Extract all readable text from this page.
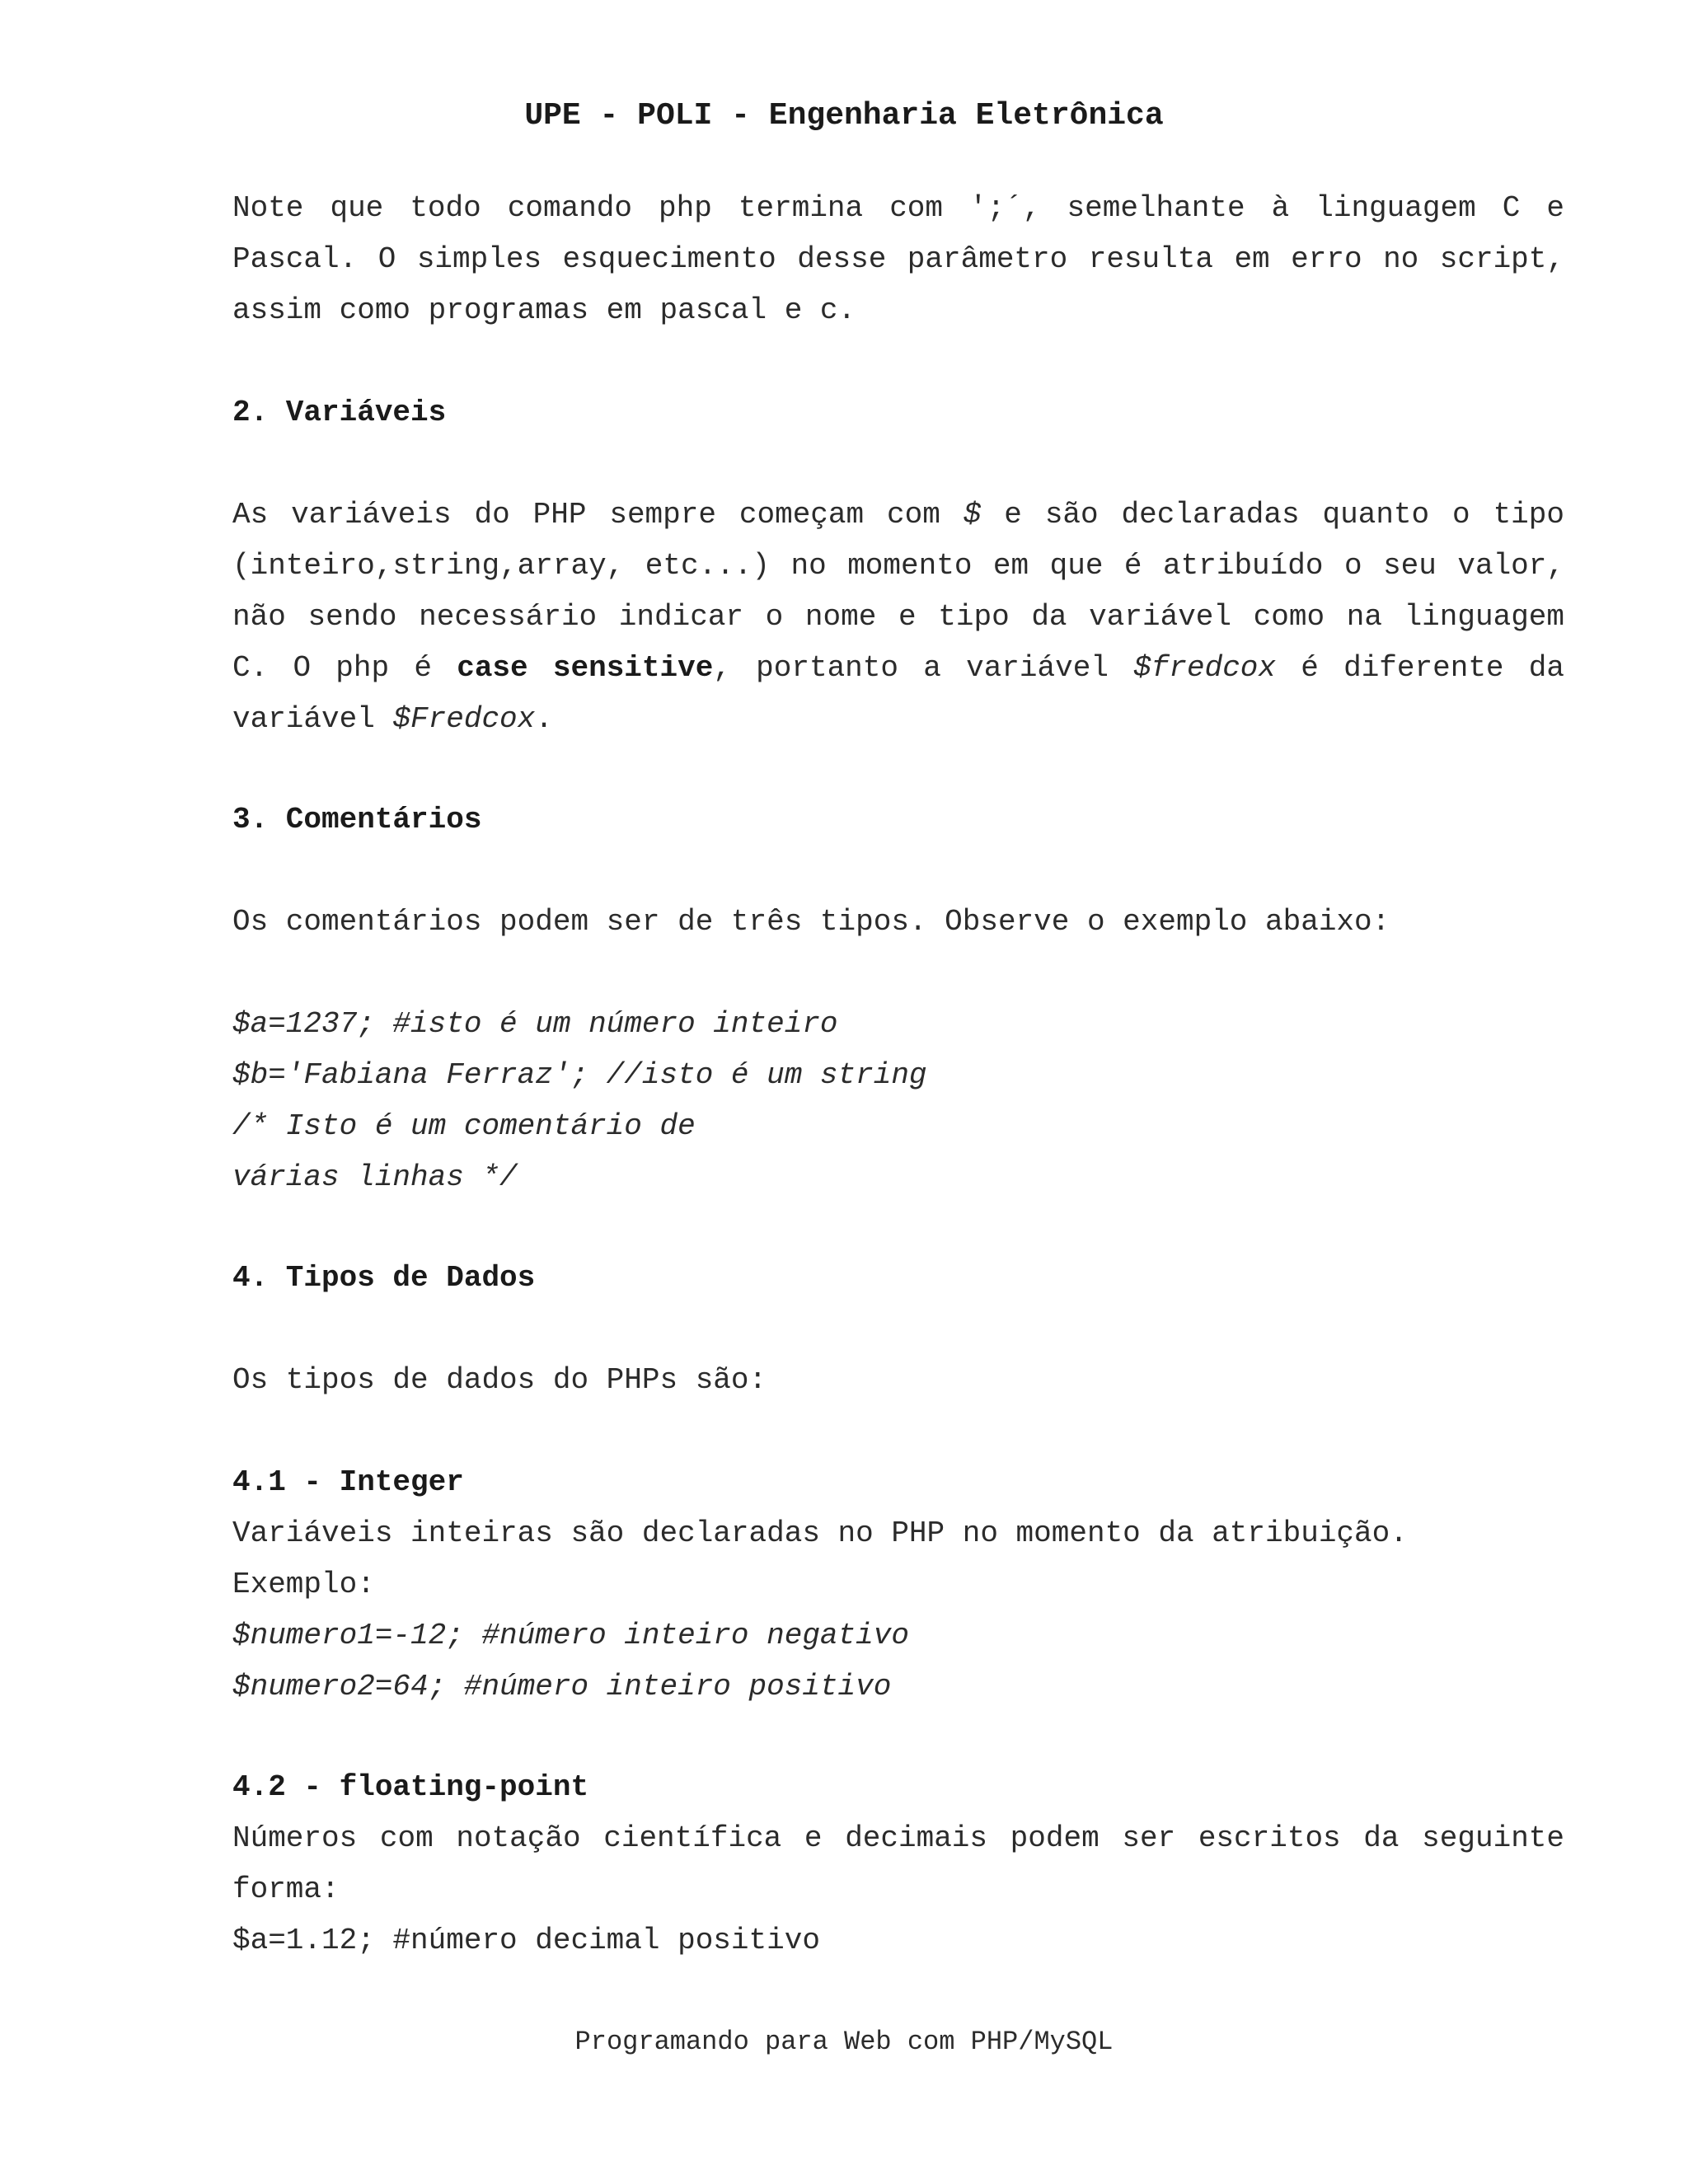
UPE - POLI - Engenharia Eletrônica
Note que todo comando php termina com ';´, semelhante à linguagem C e
Pascal. O simples esquecimento desse parâmetro resulta em erro no script,
assim como programas em pascal e c.

2. Variáveis

As variáveis do PHP sempre começam com $ e são declaradas quanto o tipo
(inteiro,string,array, etc...) no momento em que é atribuído o seu valor,
não sendo necessário indicar o nome e tipo da variável como na linguagem
C. O php é case sensitive, portanto a variável $fredcox é diferente da
variável $Fredcox.

3. Comentários

Os comentários podem ser de três tipos. Observe o exemplo abaixo:

$a=1237; #isto é um número inteiro

$b='Fabiana Ferraz'; //isto é um string

/* Isto é um comentário de

várias linhas */

4. Tipos de Dados

Os tipos de dados do PHPs são:

4.1 - Integer

Variáveis inteiras são declaradas no PHP no momento da atribuição.

Exemplo:

$numero1=-12; #número inteiro negativo

$numero2=64; #número inteiro positivo

4.2 - floating-point

Números com notação científica e decimais podem ser escritos da seguinte

forma:

$a=1.12; #número decimal positivo

Programando para Web com PHP/MySQL
